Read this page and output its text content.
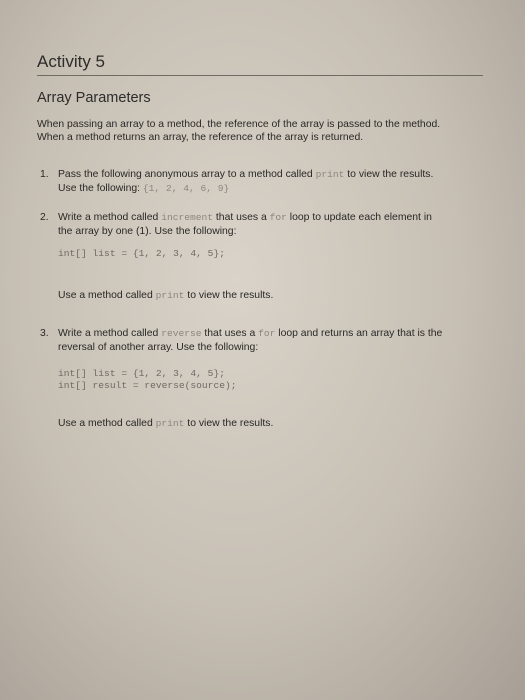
Activity 5
Array Parameters
When passing an array to a method, the reference of the array is passed to the method.
When a method returns an array, the reference of the array is returned.
1. Pass the following anonymous array to a method called print to view the results.
Use the following: {1, 2, 4, 6, 9}
2. Write a method called increment that uses a for loop to update each element in
the array by one (1). Use the following:
int[] list = {1, 2, 3, 4, 5};
Use a method called print to view the results.
3. Write a method called reverse that uses a for loop and returns an array that is the
reversal of another array. Use the following:
int[] list = {1, 2, 3, 4, 5};
int[] result = reverse(source);
Use a method called print to view the results.
